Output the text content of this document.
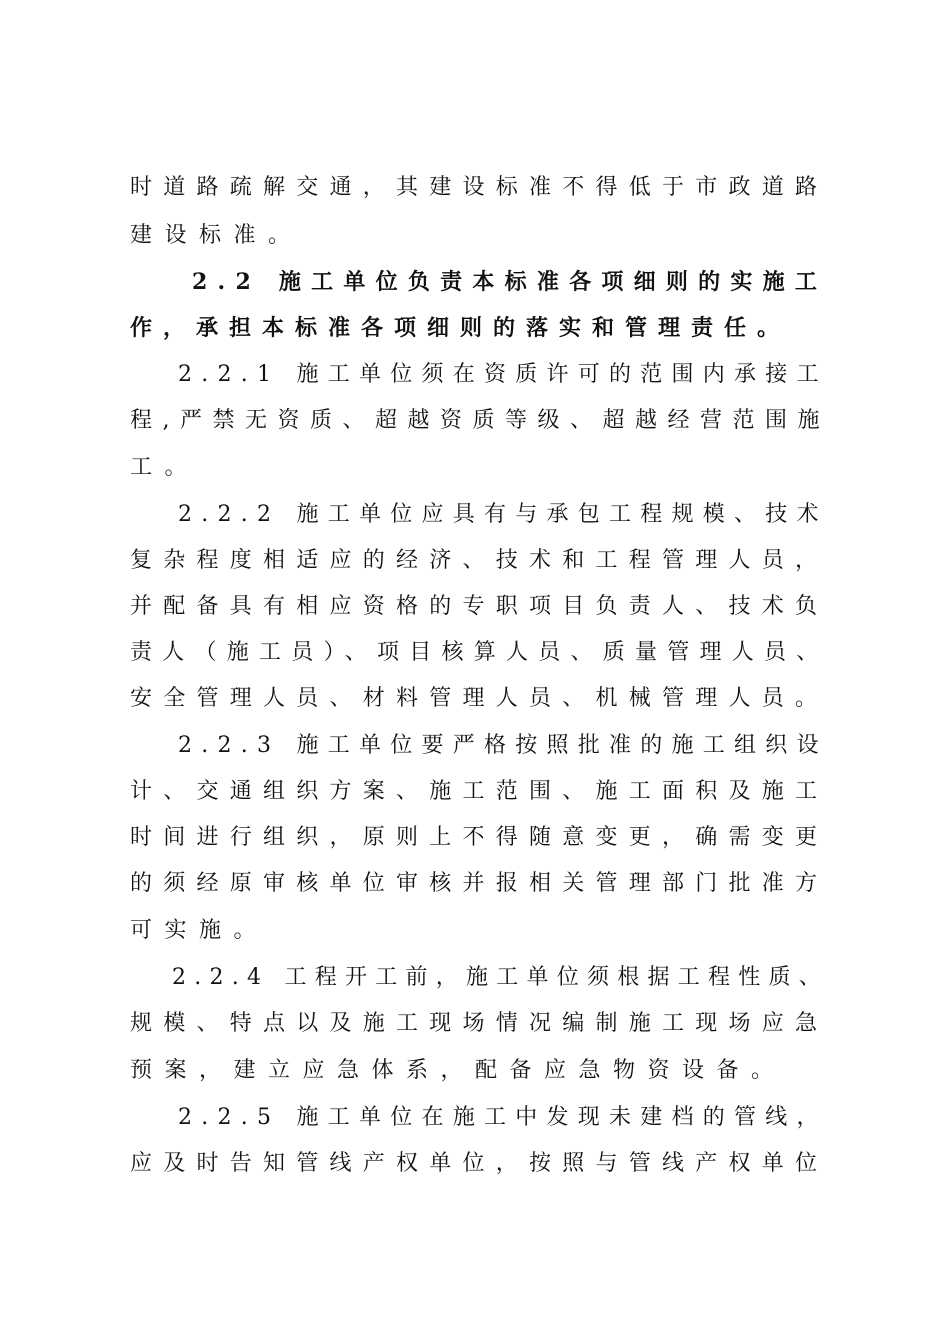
时道路疏解交通，其建设标准不得低于市政道路
建设标准。
2.2 施工单位负责本标准各项细则的实施工
作，承担本标准各项细则的落实和管理责任。
2.2.1 施工单位须在资质许可的范围内承接工
程,严禁无资质、超越资质等级、超越经营范围施
工。
2.2.2 施工单位应具有与承包工程规模、技术
复杂程度相适应的经济、技术和工程管理人员，
并配备具有相应资格的专职项目负责人、技术负
责人（施工员）、项目核算人员、质量管理人员、
安全管理人员、材料管理人员、机械管理人员。
2.2.3 施工单位要严格按照批准的施工组织设
计、交通组织方案、施工范围、施工面积及施工
时间进行组织，原则上不得随意变更，确需变更
的须经原审核单位审核并报相关管理部门批准方
可实施。
2.2.4 工程开工前，施工单位须根据工程性质、
规模、特点以及施工现场情况编制施工现场应急
预案，建立应急体系，配备应急物资设备。
2.2.5 施工单位在施工中发现未建档的管线，
应及时告知管线产权单位，按照与管线产权单位
